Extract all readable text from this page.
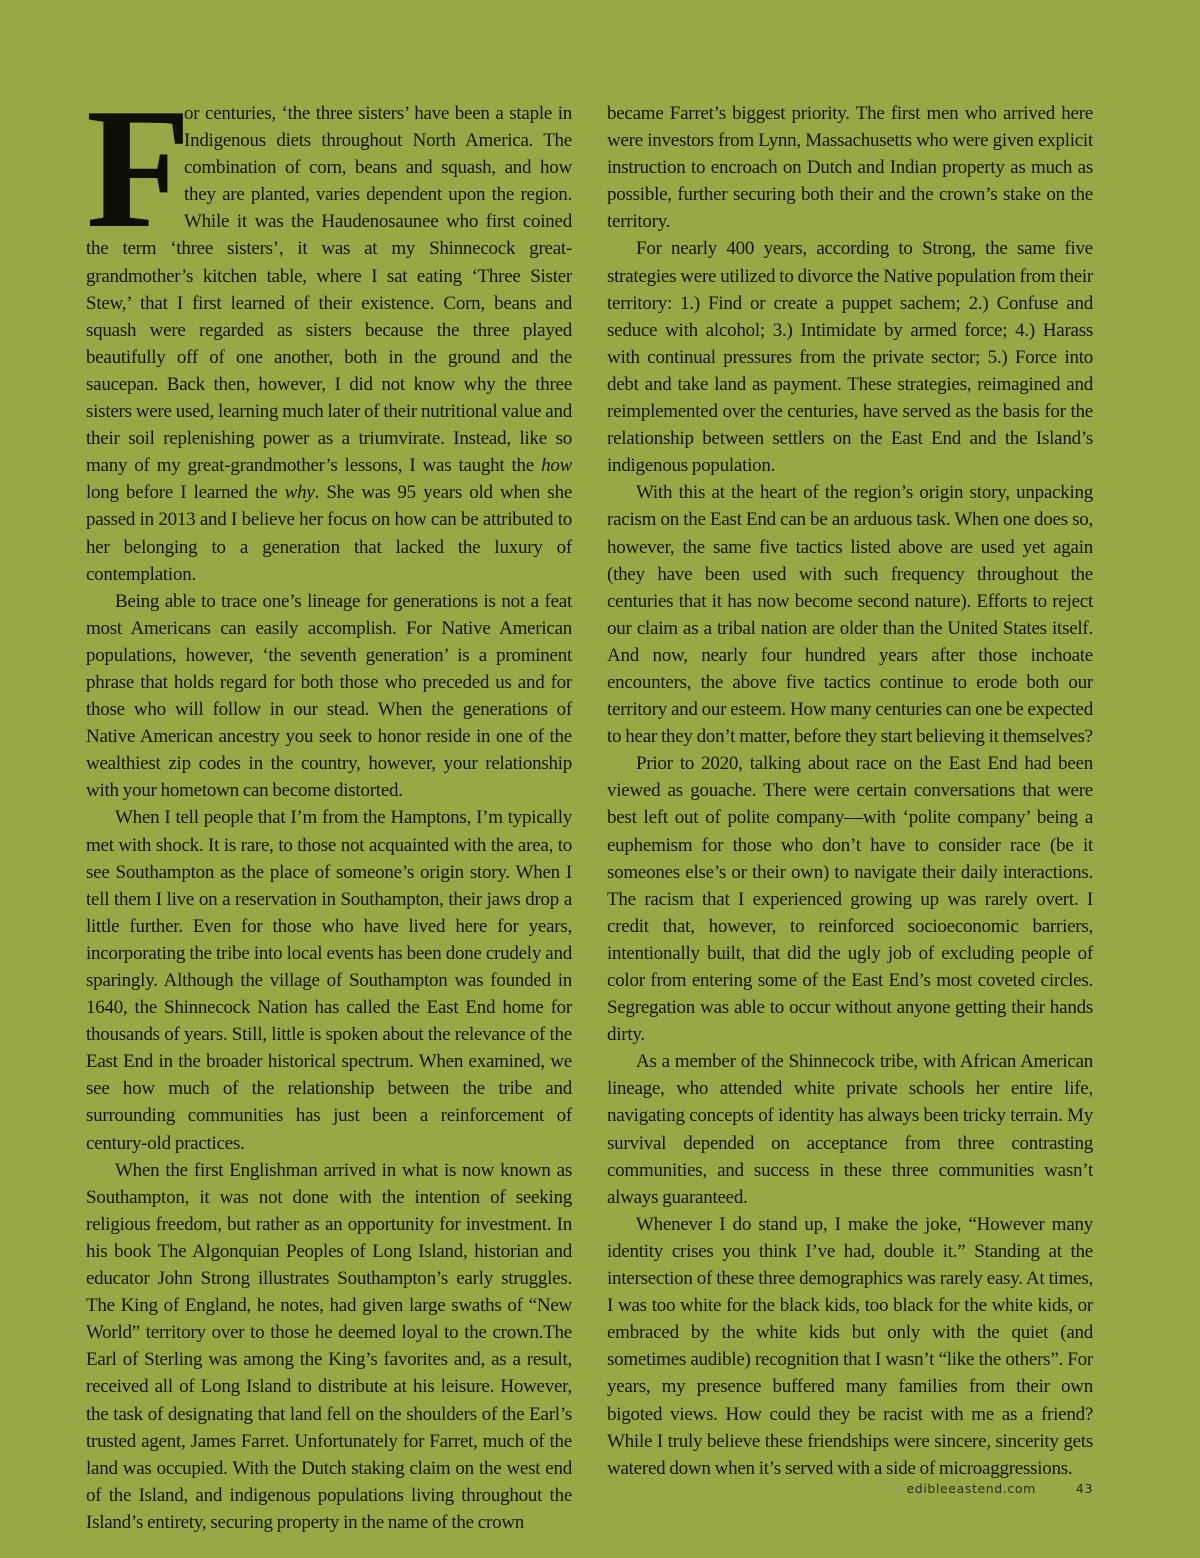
F
or centuries, ‘the three sisters’ have been a staple in Indigenous diets throughout North America. The combination of corn, beans and squash, and how they are planted, varies dependent upon the region. While it was the Haudenosaunee who first coined the term ‘three sisters’, it was at my Shinnecock great-grandmother’s kitchen table, where I sat eating ‘Three Sister Stew,’ that I first learned of their existence. Corn, beans and squash were regarded as sisters because the three played beautifully off of one another, both in the ground and the saucepan. Back then, however, I did not know why the three sisters were used, learning much later of their nutritional value and their soil replenishing power as a triumvirate. Instead, like so many of my great-grandmother’s lessons, I was taught the how long before I learned the why. She was 95 years old when she passed in 2013 and I believe her focus on how can be attributed to her belonging to a generation that lacked the luxury of contemplation.

Being able to trace one’s lineage for generations is not a feat most Americans can easily accomplish. For Native American populations, however, ‘the seventh generation’ is a prominent phrase that holds regard for both those who preceded us and for those who will follow in our stead. When the generations of Native American ancestry you seek to honor reside in one of the wealthiest zip codes in the country, however, your relationship with your hometown can become distorted.

When I tell people that I’m from the Hamptons, I’m typically met with shock. It is rare, to those not acquainted with the area, to see Southampton as the place of someone’s origin story. When I tell them I live on a reservation in Southampton, their jaws drop a little further. Even for those who have lived here for years, incorporating the tribe into local events has been done crudely and sparingly. Although the village of Southampton was founded in 1640, the Shinnecock Nation has called the East End home for thousands of years. Still, little is spoken about the relevance of the East End in the broader historical spectrum. When examined, we see how much of the relationship between the tribe and surrounding communities has just been a reinforcement of century-old practices.

When the first Englishman arrived in what is now known as Southampton, it was not done with the intention of seeking religious freedom, but rather as an opportunity for investment. In his book The Algonquian Peoples of Long Island, historian and educator John Strong illustrates Southampton’s early struggles. The King of England, he notes, had given large swaths of “New World” territory over to those he deemed loyal to the crown.The Earl of Sterling was among the King’s favorites and, as a result, received all of Long Island to distribute at his leisure. However, the task of designating that land fell on the shoulders of the Earl’s trusted agent, James Farret. Unfortunately for Farret, much of the land was occupied. With the Dutch staking claim on the west end of the Island, and indigenous populations living throughout the Island’s entirety, securing property in the name of the crown

became Farret’s biggest priority. The first men who arrived here were investors from Lynn, Massachusetts who were given explicit instruction to encroach on Dutch and Indian property as much as possible, further securing both their and the crown’s stake on the territory.

For nearly 400 years, according to Strong, the same five strategies were utilized to divorce the Native population from their territory: 1.) Find or create a puppet sachem; 2.) Confuse and seduce with alcohol; 3.) Intimidate by armed force; 4.) Harass with continual pressures from the private sector; 5.) Force into debt and take land as payment. These strategies, reimagined and reimplemented over the centuries, have served as the basis for the relationship between settlers on the East End and the Island’s indigenous population.

With this at the heart of the region’s origin story, unpacking racism on the East End can be an arduous task. When one does so, however, the same five tactics listed above are used yet again (they have been used with such frequency throughout the centuries that it has now become second nature). Efforts to reject our claim as a tribal nation are older than the United States itself. And now, nearly four hundred years after those inchoate encounters, the above five tactics continue to erode both our territory and our esteem. How many centuries can one be expected to hear they don’t matter, before they start believing it themselves?

Prior to 2020, talking about race on the East End had been viewed as gouache. There were certain conversations that were best left out of polite company—with ‘polite company’ being a euphemism for those who don’t have to consider race (be it someones else’s or their own) to navigate their daily interactions. The racism that I experienced growing up was rarely overt. I credit that, however, to reinforced socioeconomic barriers, intentionally built, that did the ugly job of excluding people of color from entering some of the East End’s most coveted circles. Segregation was able to occur without anyone getting their hands dirty.

As a member of the Shinnecock tribe, with African American lineage, who attended white private schools her entire life, navigating concepts of identity has always been tricky terrain. My survival depended on acceptance from three contrasting communities, and success in these three communities wasn’t always guaranteed.

Whenever I do stand up, I make the joke, “However many identity crises you think I’ve had, double it.” Standing at the intersection of these three demographics was rarely easy. At times, I was too white for the black kids, too black for the white kids, or embraced by the white kids but only with the quiet (and sometimes audible) recognition that I wasn’t “like the others”. For years, my presence buffered many families from their own bigoted views. How could they be racist with me as a friend? While I truly believe these friendships were sincere, sincerity gets watered down when it’s served with a side of microaggressions.

edibleeastend.com	43
